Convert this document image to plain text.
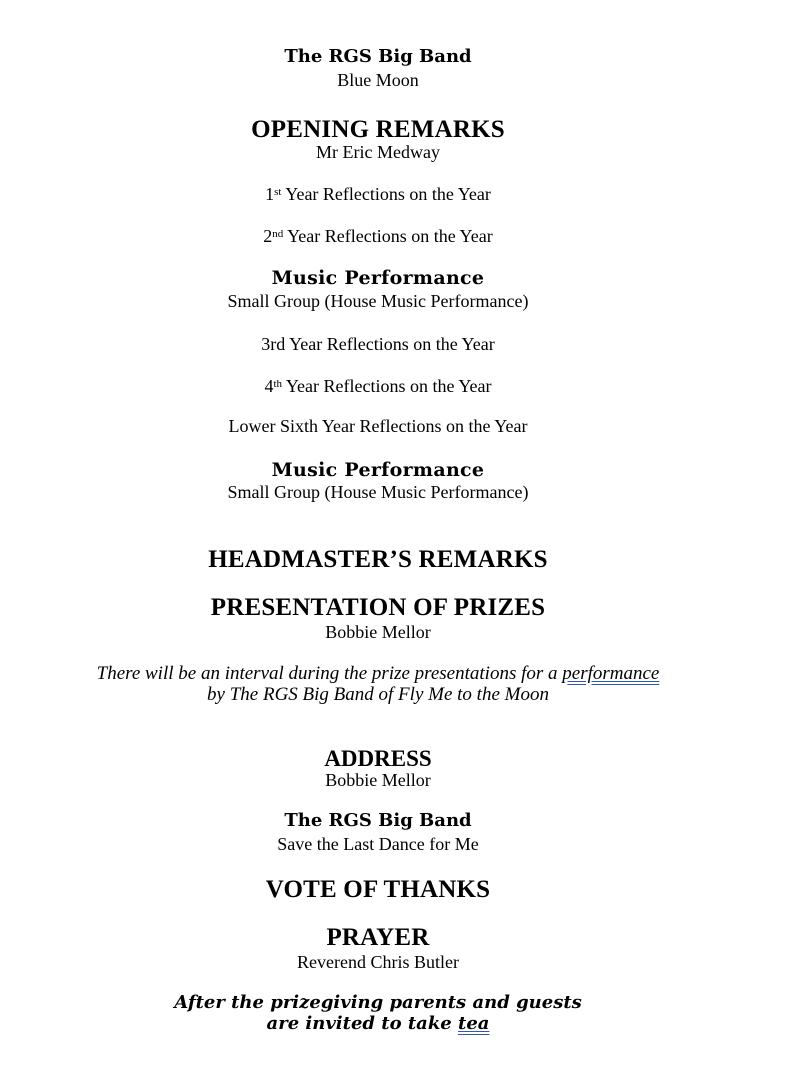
The RGS Big Band
Blue Moon
OPENING REMARKS
Mr Eric Medway
1st Year Reflections on the Year
2nd Year Reflections on the Year
Music Performance
Small Group (House Music Performance)
3rd Year Reflections on the Year
4th Year Reflections on the Year
Lower Sixth Year Reflections on the Year
Music Performance
Small Group (House Music Performance)
HEADMASTER’S REMARKS
PRESENTATION OF PRIZES
Bobbie Mellor
There will be an interval during the prize presentations for a performance
by The RGS Big Band of Fly Me to the Moon
ADDRESS
Bobbie Mellor
The RGS Big Band
Save the Last Dance for Me
VOTE OF THANKS
PRAYER
Reverend Chris Butler
After the prizegiving parents and guests
are invited to take tea
